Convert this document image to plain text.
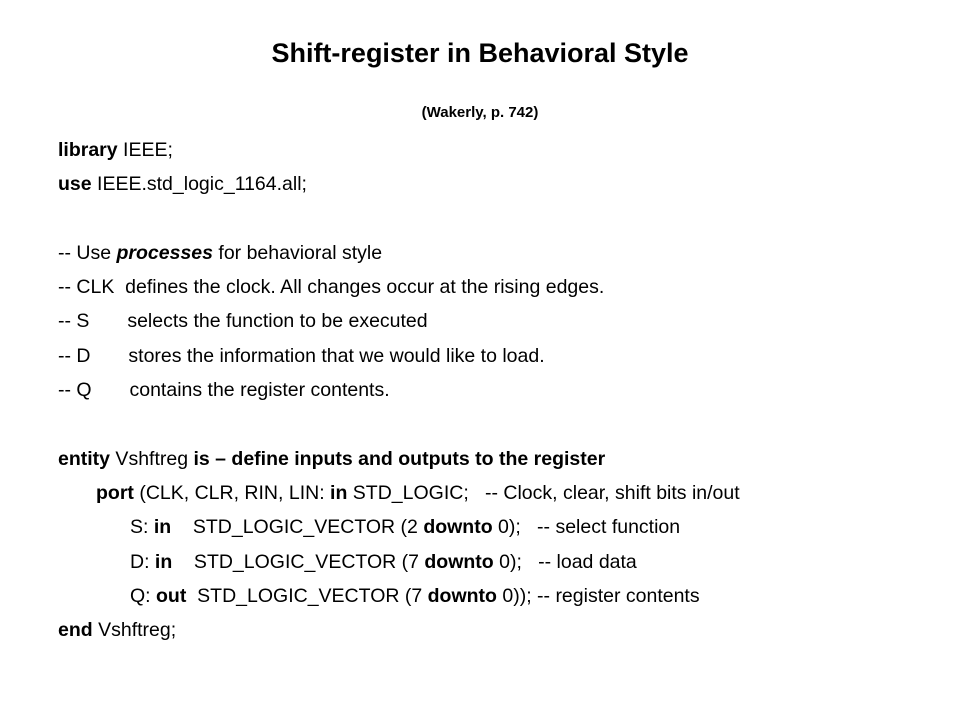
Shift-register in Behavioral Style
(Wakerly, p. 742)
library IEEE;
use IEEE.std_logic_1164.all;
-- Use processes for behavioral style
-- CLK  defines the clock. All changes occur at the rising edges.
-- S       selects the function to be executed
-- D       stores the information that we would like to load.
-- Q       contains the register contents.
entity Vshftreg is – define inputs and outputs to the register
port (CLK, CLR, RIN, LIN: in STD_LOGIC;   -- Clock, clear, shift bits in/out
S: in    STD_LOGIC_VECTOR (2 downto 0);   -- select function
D: in    STD_LOGIC_VECTOR (7 downto 0);   -- load data
Q: out  STD_LOGIC_VECTOR (7 downto 0)); -- register contents
end Vshftreg;
